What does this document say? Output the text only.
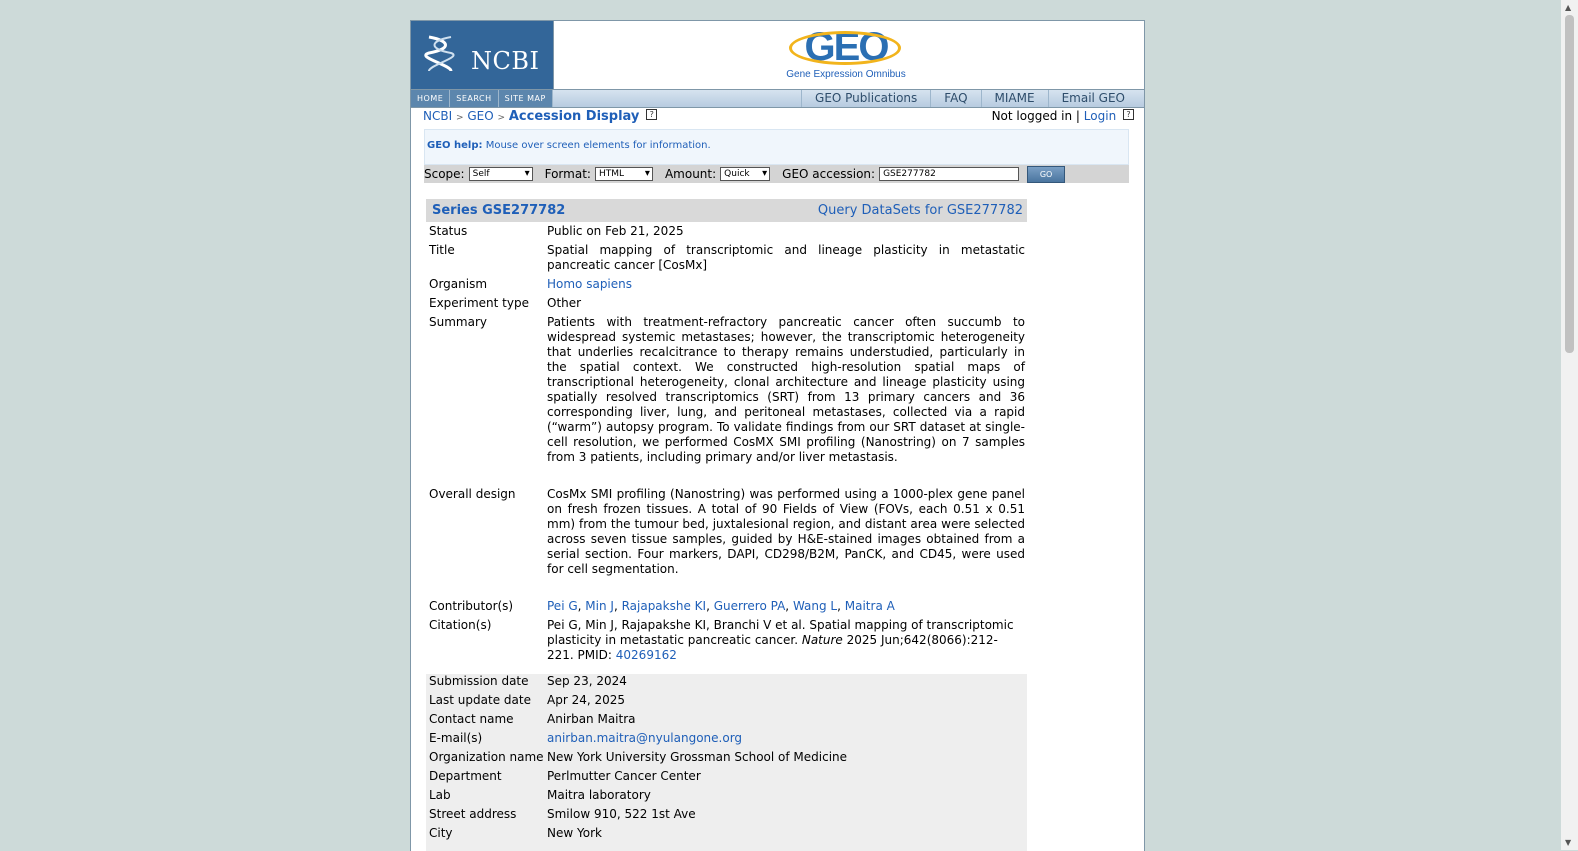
NCBI	GEO
Gene Expression Omnibus
HOME	SEARCH	SITE MAP	GEO Publications	FAQ	MIAME	Email GEO
NCBI > GEO > Accession Display ?	Not logged in | Login ?
GEO help: Mouse over screen elements for information.
Scope: Self ▾	Format: HTML ▾	Amount: Quick ▾	GEO accession: GSE277782	GO
Series GSE277782	Query DataSets for GSE277782
Status	Public on Feb 21, 2025
Title	Spatial mapping of transcriptomic and lineage plasticity in metastatic pancreatic cancer [CosMx]
Organism	Homo sapiens
Experiment type Other
Summary	Patients with treatment-refractory pancreatic cancer often succumb to widespread systemic metastases; however, the transcriptomic heterogeneity that underlies recalcitrance to therapy remains understudied, particularly in the spatial context. We constructed high-resolution spatial maps of transcriptional heterogeneity, clonal architecture and lineage plasticity using spatially resolved transcriptomics (SRT) from 13 primary cancers and 36 corresponding liver, lung, and peritoneal metastases, collected via a rapid (“warm”) autopsy program. To validate findings from our SRT dataset at single-cell resolution, we performed CosMX SMI profiling (Nanostring) on 7 samples from 3 patients, including primary and/or liver metastasis.
Overall design	CosMx SMI profiling (Nanostring) was performed using a 1000-plex gene panel on fresh frozen tissues. A total of 90 Fields of View (FOVs, each 0.51 x 0.51 mm) from the tumour bed, juxtalesional region, and distant area were selected across seven tissue samples, guided by H&E-stained images obtained from a serial section. Four markers, DAPI, CD298/B2M, PanCK, and CD45, were used for cell segmentation.
Contributor(s)	Pei G, Min J, Rajapakshe KI, Guerrero PA, Wang L, Maitra A
Citation(s)	Pei G, Min J, Rajapakshe KI, Branchi V et al. Spatial mapping of transcriptomic plasticity in metastatic pancreatic cancer. Nature 2025 Jun;642(8066):212-221. PMID: 40269162
Submission date Sep 23, 2024
Last update date Apr 24, 2025
Contact name	Anirban Maitra
E-mail(s)	anirban.maitra@nyulangone.org
Organization name New York University Grossman School of Medicine
Department	Perlmutter Cancer Center
Lab	Maitra laboratory
Street address	Smilow 910, 522 1st Ave
City	New York
▲
▼
